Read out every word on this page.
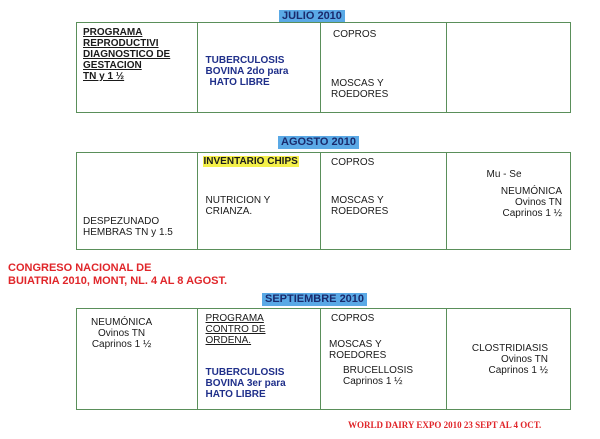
JULIO 2010
PROGRAMA
REPRODUCTIVI
DIAGNOSTICO DE
GESTACION
TN y 1 ½
TUBERCULOSIS
BOVINA 2do para
HATO LIBRE
COPROS
MOSCAS Y
ROEDORES
AGOSTO 2010
DESPEZUNADO
HEMBRAS TN y 1.5
INVENTARIO CHIPS
NUTRICION Y
CRIANZA.
COPROS
MOSCAS Y
ROEDORES
Mu - Se
NEUMÓNICA
Ovinos TN
Caprinos 1 ½
CONGRESO NACIONAL DE
BUIATRIA 2010, MONT, NL. 4 AL 8 AGOST.
SEPTIEMBRE 2010
NEUMÓNICA
Ovinos TN
Caprinos 1 ½
PROGRAMA
CONTRO DE
ORDENA.
TUBERCULOSIS
BOVINA 3er para
HATO LIBRE
COPROS
MOSCAS Y
ROEDORES
BRUCELLOSIS
Caprinos 1 ½
CLOSTRIDIASIS
Ovinos TN
Caprinos 1 ½
WORLD DAIRY EXPO 2010 23 SEPT AL 4 OCT.
